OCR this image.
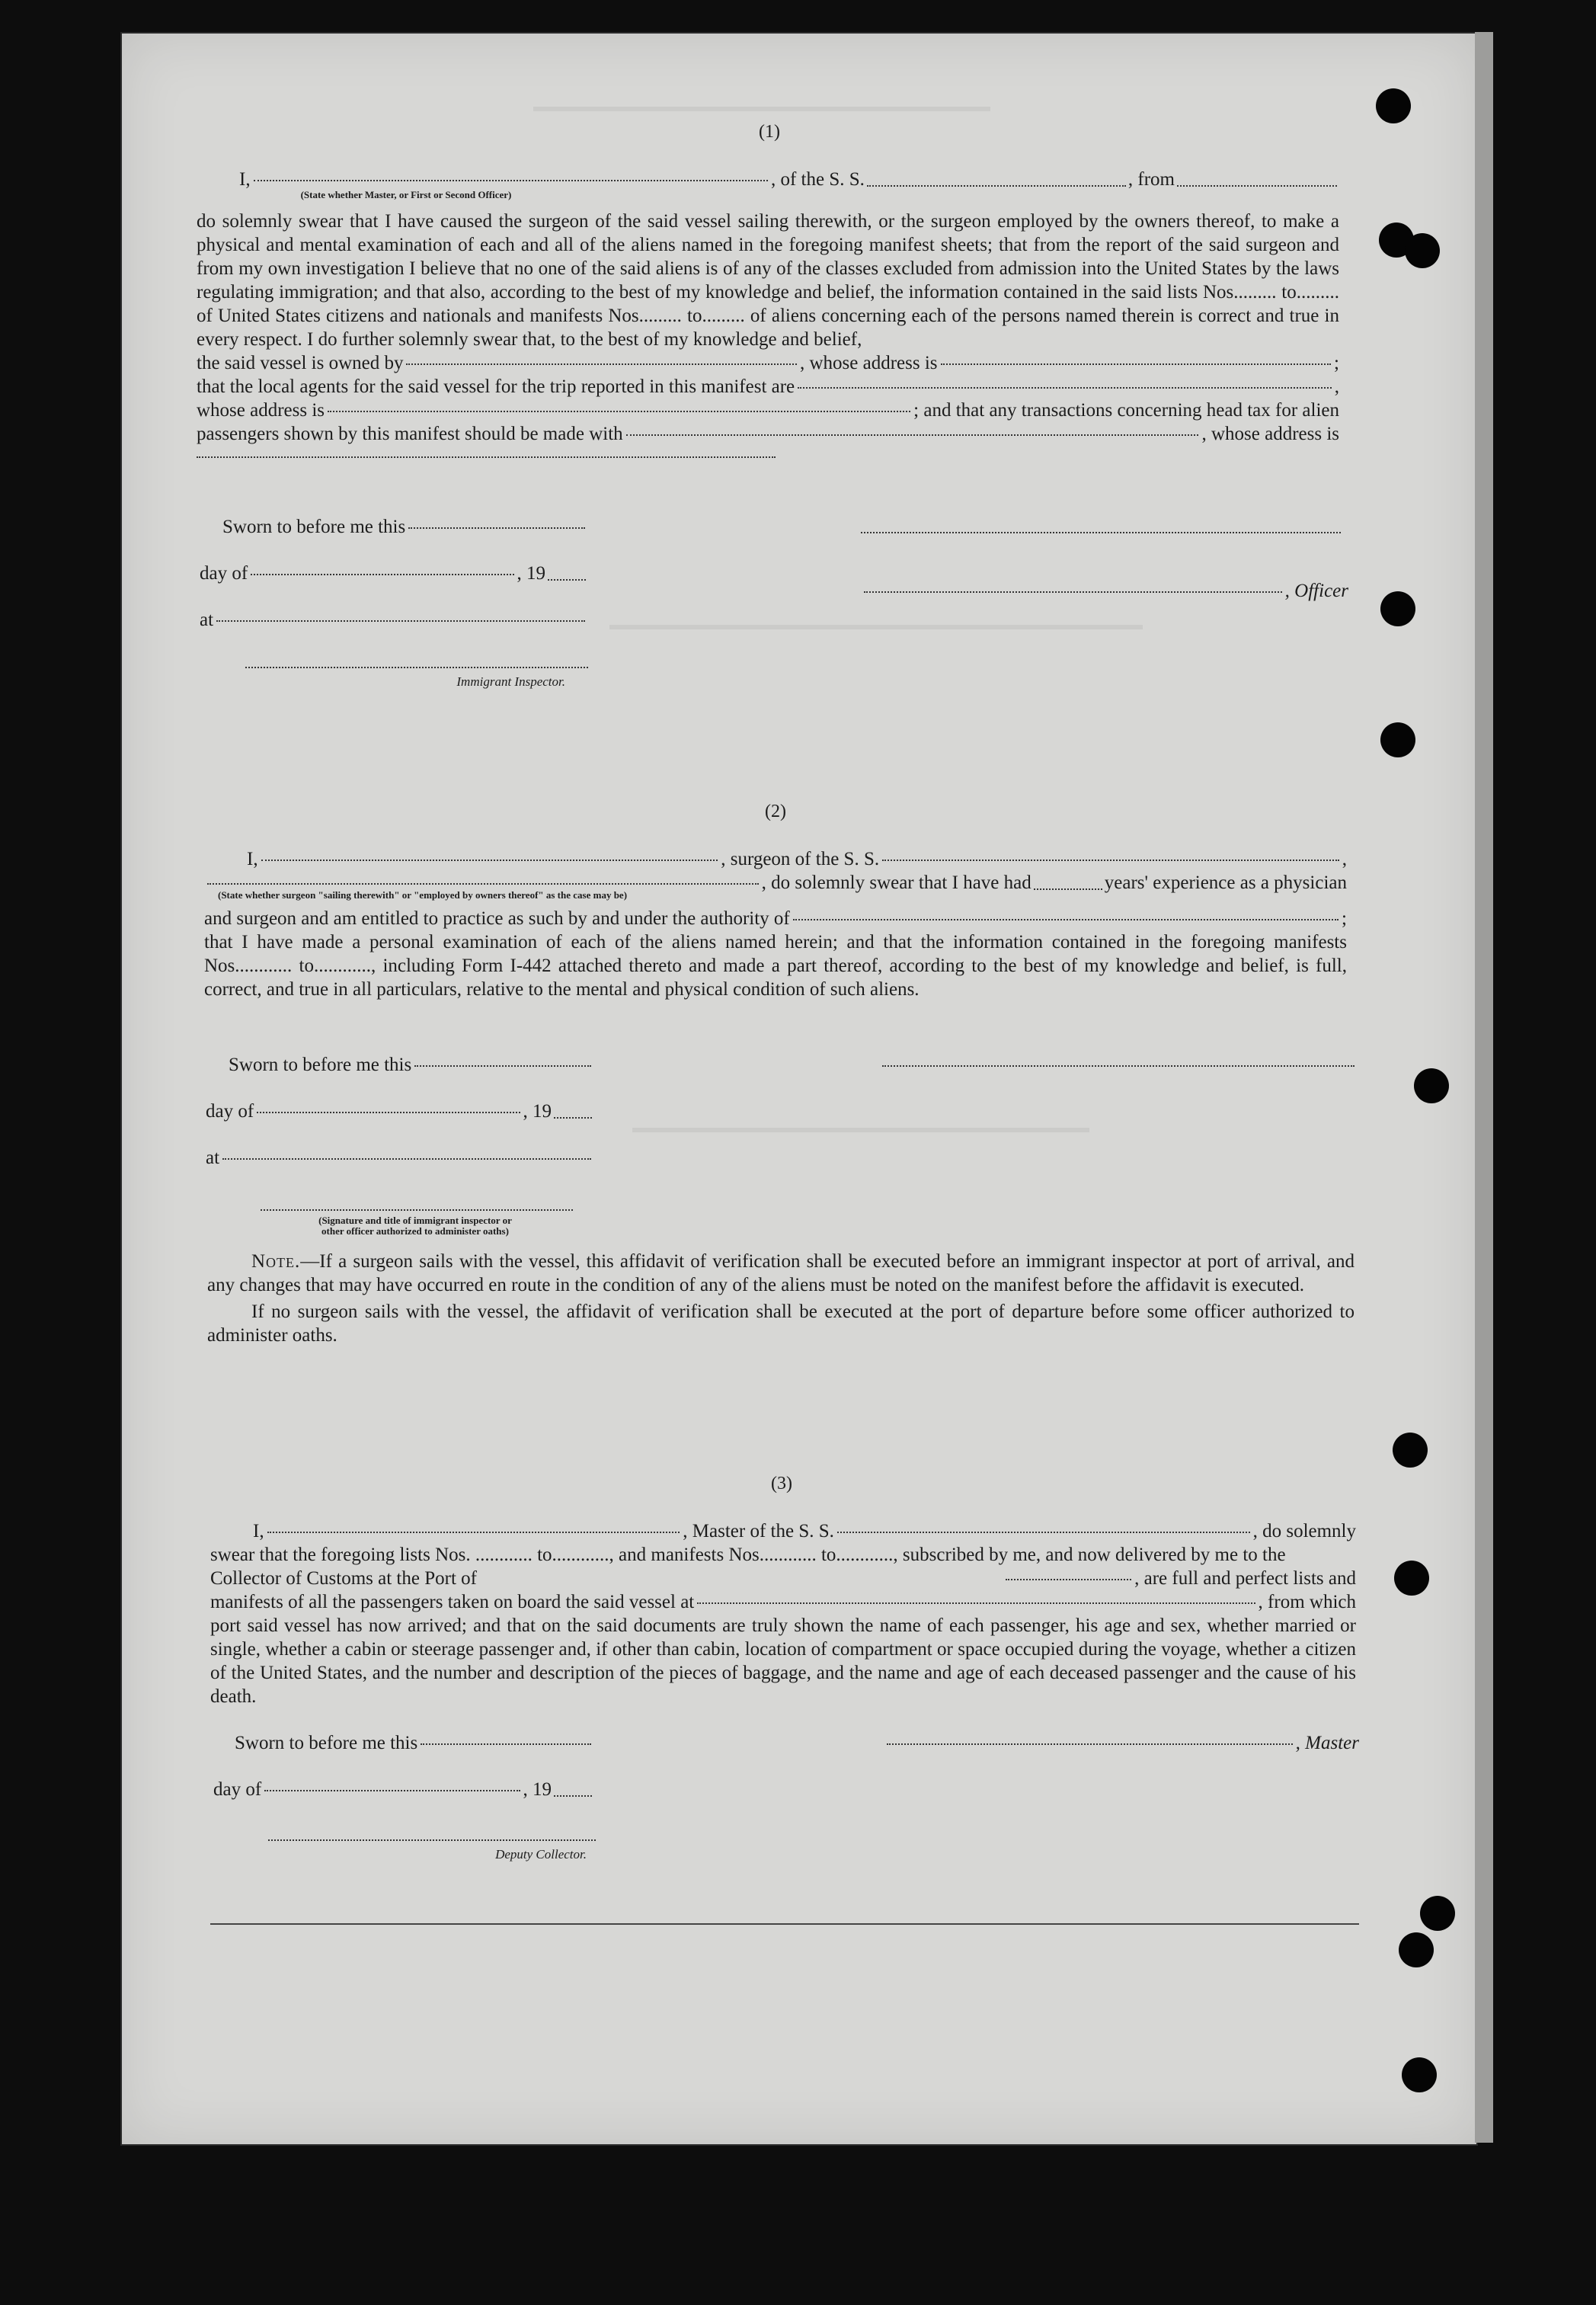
(1)
I,
(State whether Master, or First or Second Officer)
, of the S. S.	, from
do solemnly swear that I have caused the surgeon of the said vessel sailing therewith, or the surgeon employed by the owners thereof, to make a physical and mental examination of each and all of the aliens named in the foregoing manifest sheets; that from the report of the said surgeon and from my own investigation I believe that no one of the said aliens is of any of the classes excluded from admission into the United States by the laws regulating immigration; and that also, according to the best of my knowledge and belief, the information contained in the said lists Nos......... to......... of United States citizens and nationals and manifests Nos......... to......... of aliens concerning each of the persons named therein is correct and true in every respect. I do further solemnly swear that, to the best of my knowledge and belief,
the said vessel is owned by	, whose address is	;
that the local agents for the said vessel for the trip reported in this manifest are	,
whose address is	; and that any transactions concerning head tax for alien
passengers shown by this manifest should be made with	, whose address is
Sworn to before me this
day of	, 19
at
Immigrant Inspector.
, Officer
(2)
I,	, surgeon of the S. S.	,
(State whether surgeon "sailing therewith" or "employed by owners thereof" as the case may be)
, do solemnly swear that I have had	years' experience as a physician
and surgeon and am entitled to practice as such by and under the authority of	;
that I have made a personal examination of each of the aliens named herein; and that the information contained in the foregoing manifests Nos............ to............, including Form I-442 attached thereto and made a part thereof, according to the best of my knowledge and belief, is full, correct, and true in all particulars, relative to the mental and physical condition of such aliens.
Sworn to before me this
day of	, 19
at
(Signature and title of immigrant inspector or
other officer authorized to administer oaths)
Note.—If a surgeon sails with the vessel, this affidavit of verification shall be executed before an immigrant inspector at port of arrival, and any changes that may have occurred en route in the condition of any of the aliens must be noted on the manifest before the affidavit is executed.
If no surgeon sails with the vessel, the affidavit of verification shall be executed at the port of departure before some officer authorized to administer oaths.
(3)
I,	, Master of the S. S.	, do solemnly
swear that the foregoing lists Nos. ............ to............, and manifests Nos............ to............, subscribed by me, and now delivered by me to the Collector of Customs at the Port of	, are full and perfect lists and
manifests of all the passengers taken on board the said vessel at	, from which
port said vessel has now arrived; and that on the said documents are truly shown the name of each passenger, his age and sex, whether married or single, whether a cabin or steerage passenger and, if other than cabin, location of compartment or space occupied during the voyage, whether a citizen of the United States, and the number and description of the pieces of baggage, and the name and age of each deceased passenger and the cause of his death.
Sworn to before me this
day of	, 19
Deputy Collector.
, Master
